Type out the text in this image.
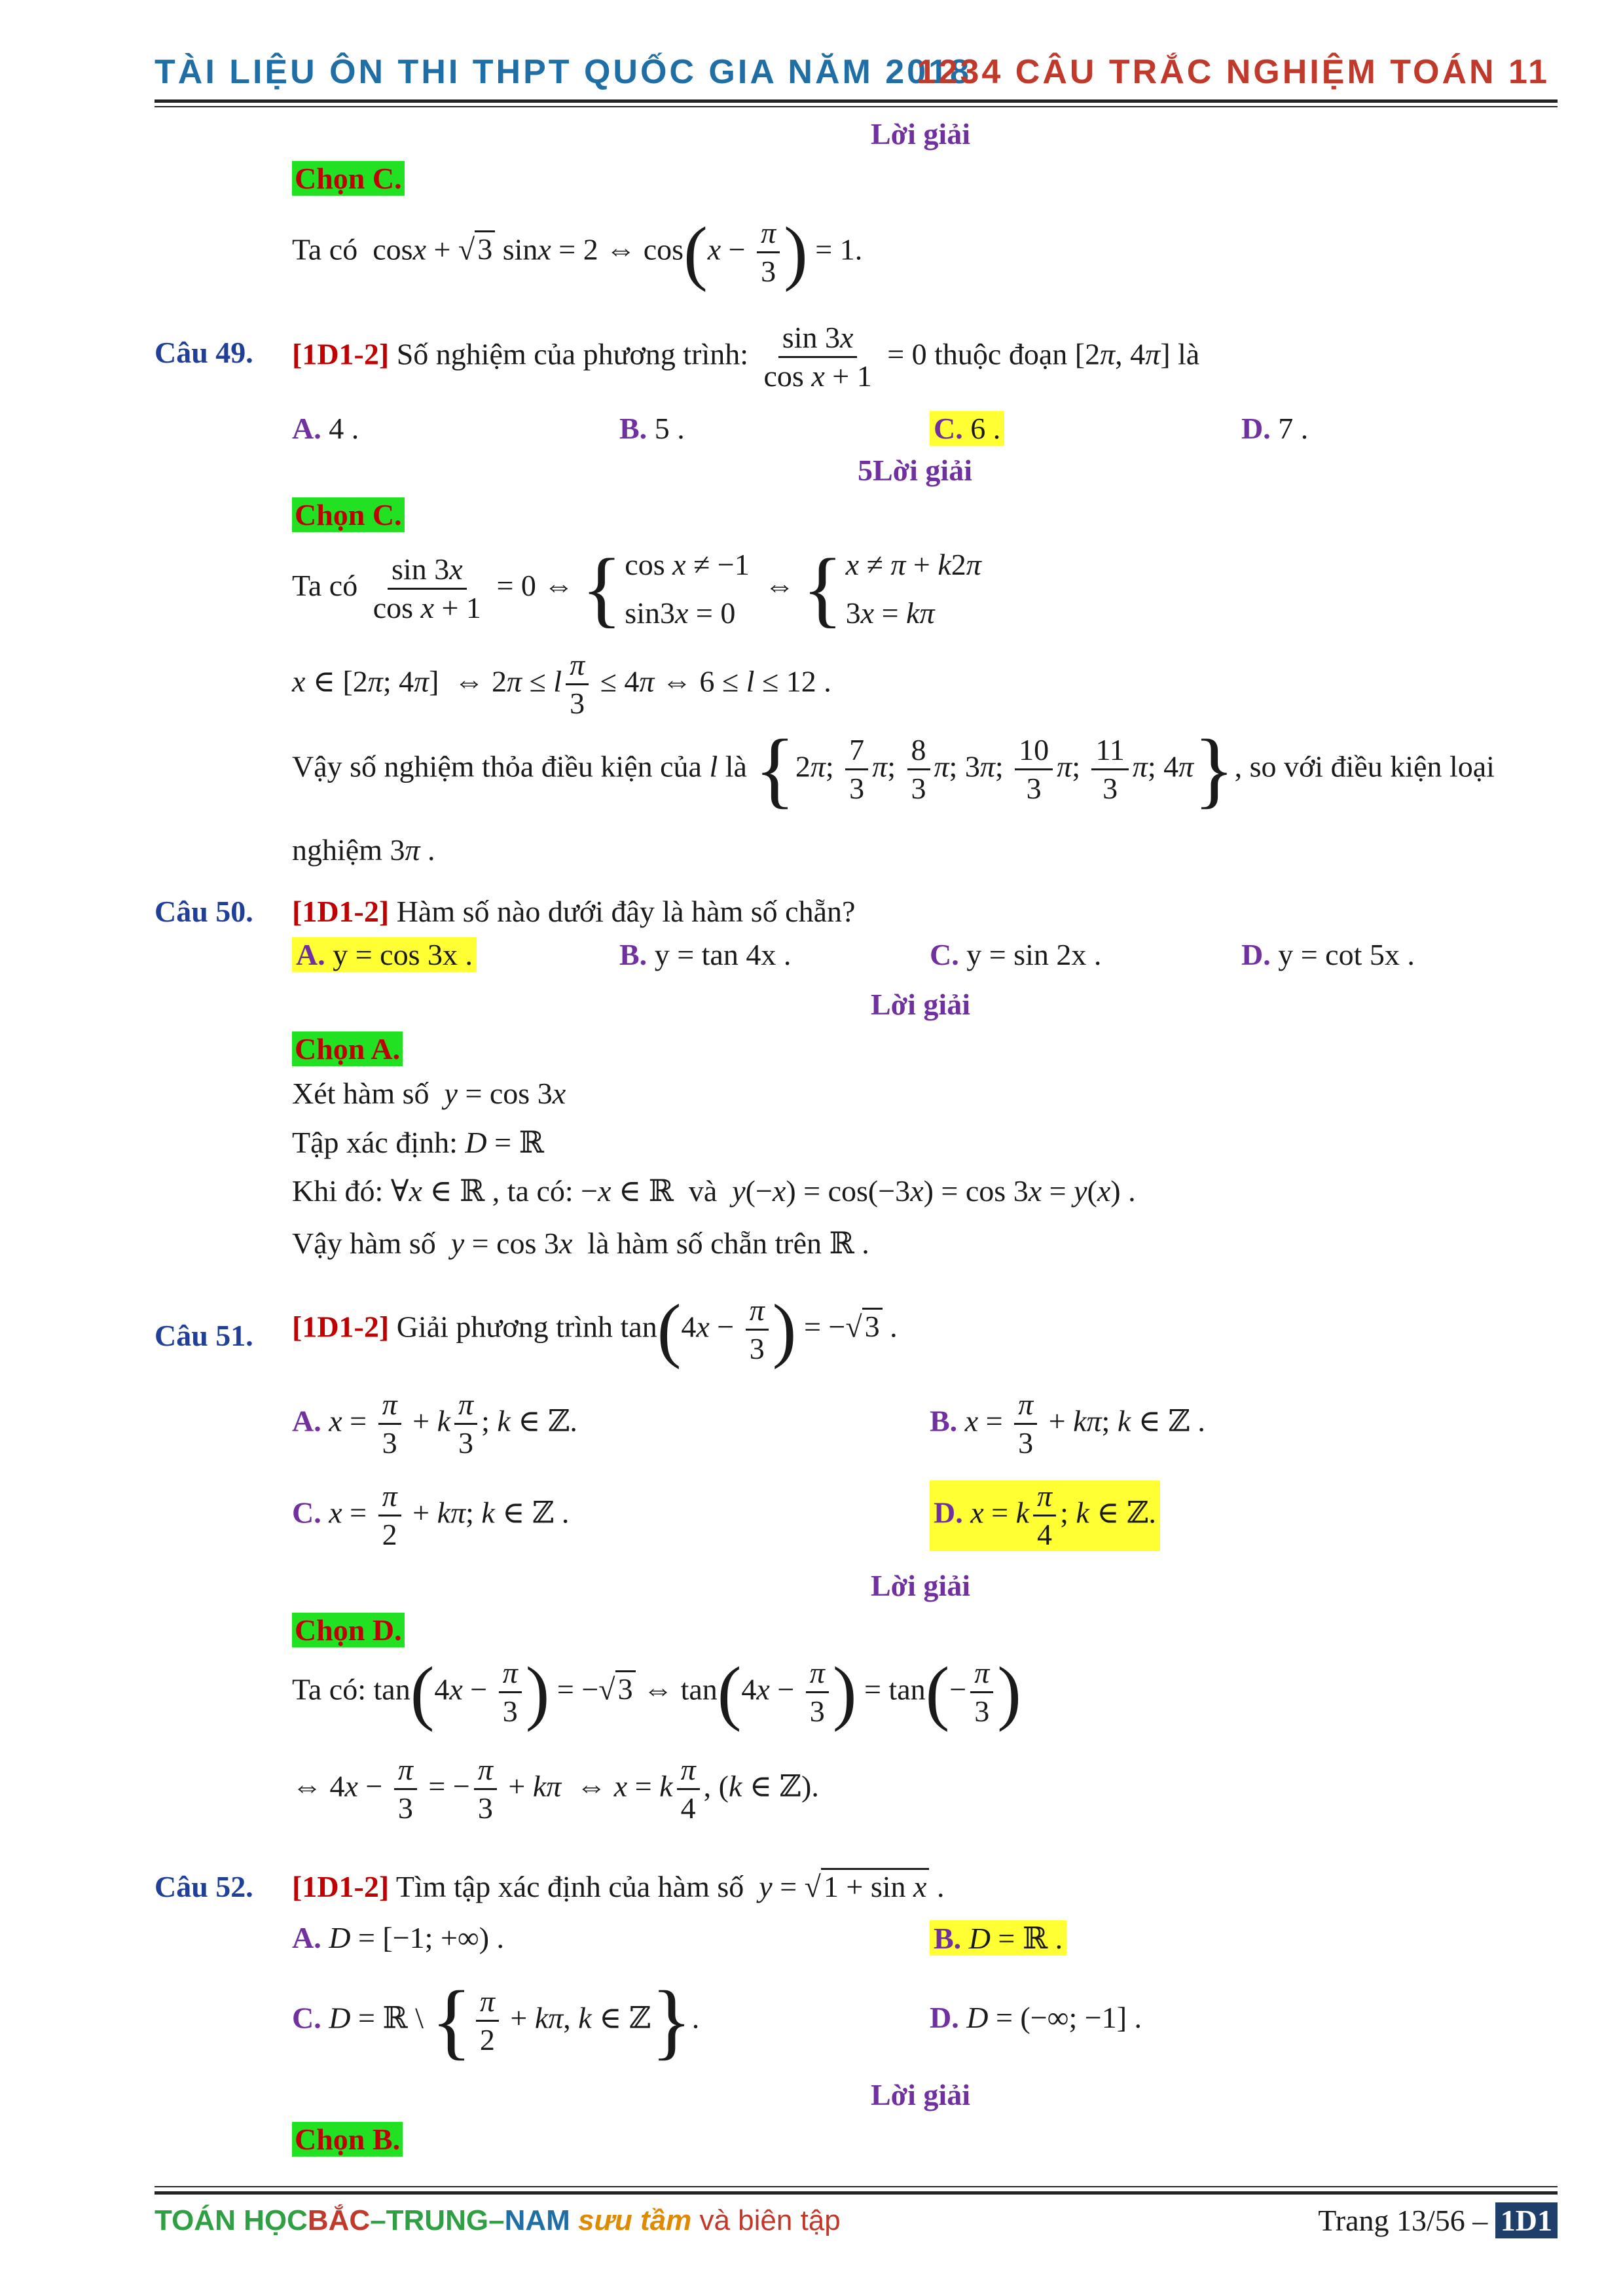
TÀI LIỆU ÔN THI THPT QUỐC GIA NĂM 2018
1234 CÂU TRẮC NGHIỆM TOÁN 11
Lời giải
Chọn C.
Ta có  cosx + √3 sinx = 2 ⇔ $\cos(x - \frac{\pi}{3}$ ) = 1.
Câu 49. [1D1-2] Số nghiệm của phương trình: $\frac{\sin 3x}{\text{cos x + 1}} = 0$ thuộc đoạn [2π, 4π] là
A. 4 .	B. 5 .	C. 6 .	D. 7 .
5Lời giải
Chọn C.
Ta có $\frac{\sin 3x}{\text{cos x + 1}} = 0$ ⇔ { cos x ≠ −1
sin3x = 0
⇔ { x ≠ π + k2π
3x = kπ
x ∈ [2π; 4π]  ⇔ 2π ≤ l $\frac{\pi}{3} \le 4\pi$ ⇔ 6 ≤ l ≤ 12 .
Vậy số nghiệm thỏa điều kiện của l là {2π; $\frac{7}{3} \pi$; $\frac{8}{3} \pi$; 3π; $\frac{10}{3} \pi$; $\frac{11}{3} \pi$; 4π}, so với điều kiện loại
nghiệm 3π .
Câu 50. [1D1-2] Hàm số nào dưới đây là hàm số chẵn?
A. y = cos 3x .	B. y = tan 4x .	C. y = sin 2x .	D. y = cot 5x .
Lời giải
Chọn A.
Xét hàm số y = cos 3x
Tập xác định: D = ℝ
Khi đó: ∀x ∈ ℝ , ta có: −x ∈ ℝ  và y(−x) = cos(−3x) = cos 3x = y(x) .
Vậy hàm số y = cos 3x là hàm số chẵn trên ℝ .
Câu 51. [1D1-2] Giải phương trình $\tan(4x - \frac{\pi}{3}$ ) = −√3 .
A. $x = \frac{\pi}{3} + k \frac{\pi}{3}$ ; k ∈ ℤ.	B. $x = \frac{\pi}{3} + k\pi$; k ∈ ℤ .
C. $x = \frac{\pi}{2} + k\pi$; k ∈ ℤ .	D. x = k $\frac{\pi}{4}$ ; k ∈ ℤ.
Lời giải
Chọn D.
Ta có: $\tan(4x - \frac{\pi}{3}$ ) = −√3 ⇔ $\tan(4x - \frac{\pi}{3}$ ) = $\tan(- \frac{\pi}{3}$ )
⇔ $4x - \frac{\pi}{3}$ = − $\frac{\pi}{3} + k\pi$  ⇔ x = k $\frac{\pi}{4}$ , (k ∈ ℤ).
Câu 52. [1D1-2] Tìm tập xác định của hàm số y = √1 + sin x .
A. D = [−1; +∞) .	B. D = ℝ .
C. D = ℝ \ { $\frac{\pi}{2} + k\pi$, k ∈ ℤ}.	D. D = (−∞; −1] .
Lời giải
Chọn B.
TOÁN HỌCBẮC–TRUNG–NAM sưu tầm và biên tập	Trang 13/56 – 1D1
